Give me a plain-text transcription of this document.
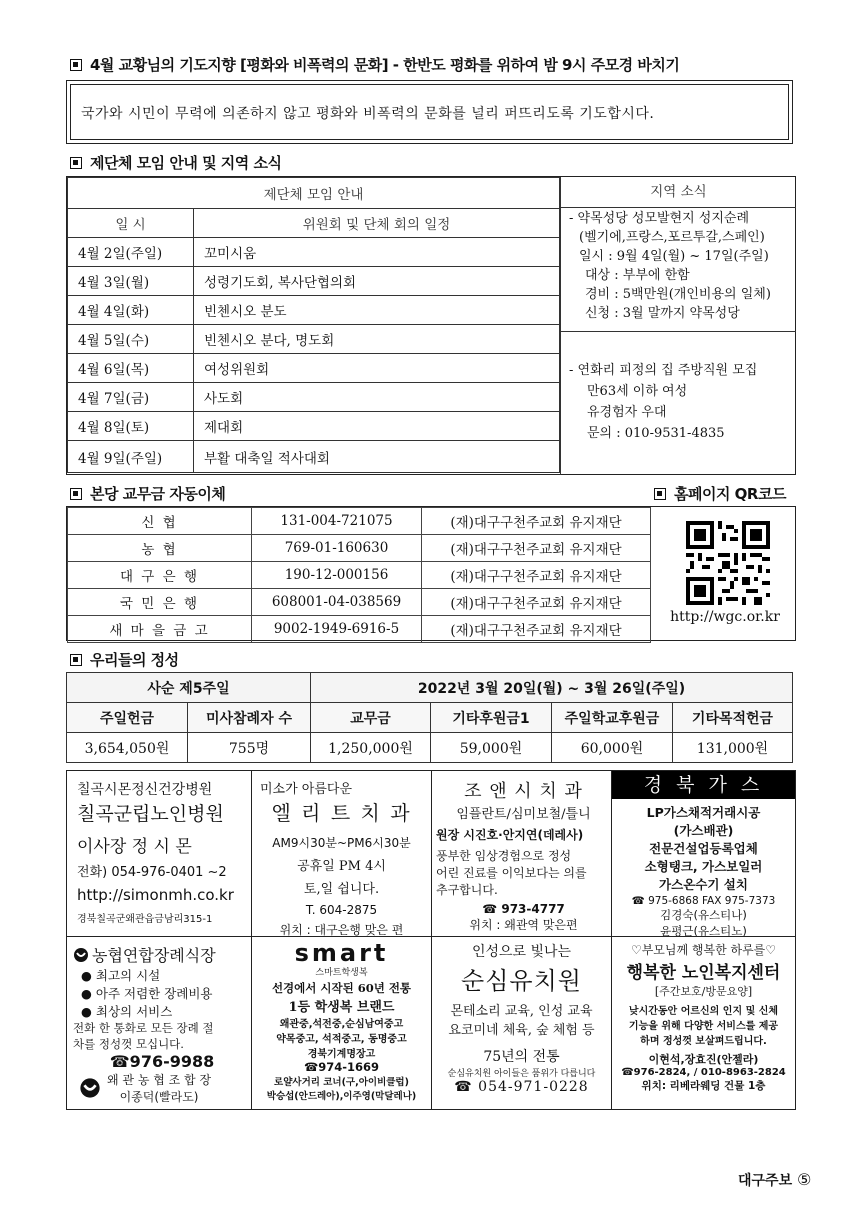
4월 교황님의 기도지향 [평화와 비폭력의 문화] - 한반도 평화를 위하여 밤 9시 주모경 바치기
국가와 시민이 무력에 의존하지 않고 평화와 비폭력의 문화를 널리 퍼뜨리도록 기도합시다.
제단체 모임 안내 및 지역 소식
제단체 모임 안내	
일 시	위원회 및 단체 회의 일정
4월 2일(주일)	꼬미시움
4월 3일(월)	성령기도회, 복사단협의회
4월 4일(화)	빈첸시오 분도
4월 5일(수)	빈첸시오 분다, 명도회
4월 6일(목)	여성위원회
4월 7일(금)	사도회
4월 8일(토)	제대회
4월 9일(주일)	부활 대축일 적사대회
지역 소식
- 약목성당 성모발현지 성지순례
(벨기에,프랑스,포르투갈,스페인)
일시 : 9월 4일(월) ~ 17일(주일)
대상 : 부부에 한함
경비 : 5백만원(개인비용의 일체)
신청 : 3월 말까지 약목성당
- 연화리 피정의 집 주방직원 모집
만63세 이하 여성
유경험자 우대
문의 : 010-9531-4835
본당 교무금 자동이체	홈페이지 QR코드
신 협	131-004-721075	(재)대구구천주교회 유지재단
농 협	769-01-160630	(재)대구구천주교회 유지재단
대 구 은 행	190-12-000156	(재)대구구천주교회 유지재단
국 민 은 행	608001-04-038569	(재)대구구천주교회 유지재단
새 마 을 금 고	9002-1949-6916-5	(재)대구구천주교회 유지재단
http://wgc.or.kr
우리들의 정성
사순 제5주일		2022년 3월 20일(월) ~ 3월 26일(주일)			
주일헌금	미사참례자 수	교무금	기타후원금1	주일학교후원금	기타목적헌금
3,654,050원	755명	1,250,000원	59,000원	60,000원	131,000원
칠곡시몬정신건강병원
칠곡군립노인병원
이사장 정 시 몬
전화) 054-976-0401 ~2
http://simonmh.co.kr
경북칠곡군왜관읍금남리315-1
미소가 아름다운
엘 리 트 치 과
AM9시30분~PM6시30분
공휴일 PM 4시
토,일 쉽니다.
T. 604-2875
위치 : 대구은행 맞은 편
조 앤 시 치 과
임플란트/심미보철/틀니
원장 시진호·안지연(데레사)
풍부한 임상경험으로 정성
어린 진료를 이익보다는 의를
추구합니다.
☎ 973-4777
위치 : 왜관역 맞은편
경 북 가 스
LP가스채적거래시공
(가스배관)
전문건설업등록업체
소형탱크, 가스보일러
가스온수기 설치
☎ 975-6868 FAX 975-7373
김경숙(유스티나)
윤평근(유스티노)
농협연합장례식장
● 최고의 시설
● 아주 저렴한 장례비용
● 최상의 서비스
전화 한 통화로 모든 장례 절
차를 정성껏 모십니다.
☎976-9988
왜 관 농 협 조 합 장
이종덕(빨라도)
smart
스마트학생복
선경에서 시작된 60년 전통
1등 학생복 브랜드
왜관중,석전중,순심남여중고
약목중고, 석적중고, 동명중고
경북기계명장고
☎974-1669
로얄사거리 코너(구,아이비클럽)
박승섭(안드레아),이주영(막달레나)
인성으로 빛나는
순심유치원
몬테소리 교육, 인성 교육
요코미네 체육, 숲 체험 등
75년의 전통
순심유치원 아이들은 품위가 다릅니다
☎ 054-971-0228
♡부모님께 행복한 하루를♡
행복한 노인복지센터
[주간보호/방문요양]
낮시간동안 어르신의 인지 및 신체
기능을 위해 다양한 서비스를 제공
하며 정성껏 보살펴드립니다.
이현석,장효진(안젤라)
☎976-2824, / 010-8963-2824
위치: 리베라웨딩 건물 1층
대구주보 ⑤
